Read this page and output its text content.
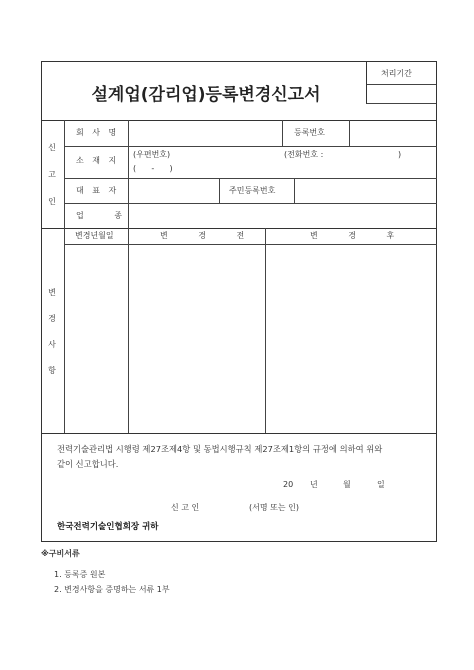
처리기간
설계업(감리업)등록변경신고서
신
고
인
회 사 명	등록번호
소 재 지
(우편번호)	(전화번호 :	)
(      -      )
대 표 자	주민등록번호
업 종
변
경
사
항
변경년월일	변 경 전	변 경 후
전력기술관리법 시행령 제27조제4항 및 동법시행규칙 제27조제1항의 규정에 의하여 위와
같이 신고합니다.
20 년	월	일
신 고 인	(서명 또는 인)
한국전력기술인협회장 귀하
※구비서류
1. 등록증 원본
2. 변경사항을 증명하는 서류 1부
